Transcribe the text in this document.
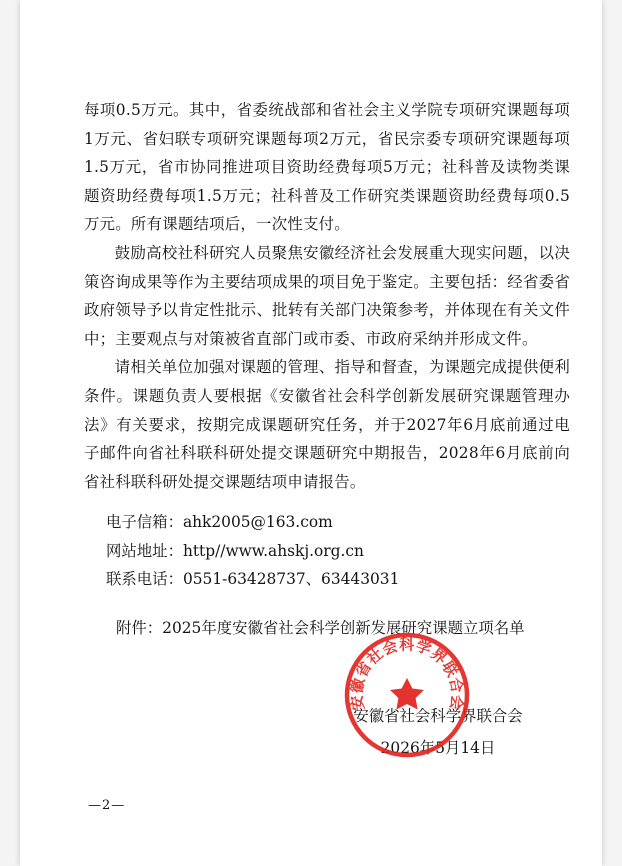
每项0.5万元。其中，省委统战部和省社会主义学院专项研究课题每项1万元、省妇联专项研究课题每项2万元，省民宗委专项研究课题每项1.5万元，省市协同推进项目资助经费每项5万元；社科普及读物类课题资助经费每项1.5万元；社科普及工作研究类课题资助经费每项0.5万元。所有课题结项后，一次性支付。

鼓励高校社科研究人员聚焦安徽经济社会发展重大现实问题，以决策咨询成果等作为主要结项成果的项目免于鉴定。主要包括：经省委省政府领导予以肯定性批示、批转有关部门决策参考，并体现在有关文件中；主要观点与对策被省直部门或市委、市政府采纳并形成文件。

请相关单位加强对课题的管理、指导和督查，为课题完成提供便利条件。课题负责人要根据《安徽省社会科学创新发展研究课题管理办法》有关要求，按期完成课题研究任务，并于2027年6月底前通过电子邮件向省社科联科研处提交课题研究中期报告，2028年6月底前向省社科联科研处提交课题结项申请报告。

电子信箱：ahk2005@163.com
网站地址：http//www.ahskj.org.cn
联系电话：0551-63428737、63443031
附件：2025年度安徽省社会科学创新发展研究课题立项名单
安徽省社会科学界联合会
2026年5月14日
安徽省社会科学界联合会
—2—
